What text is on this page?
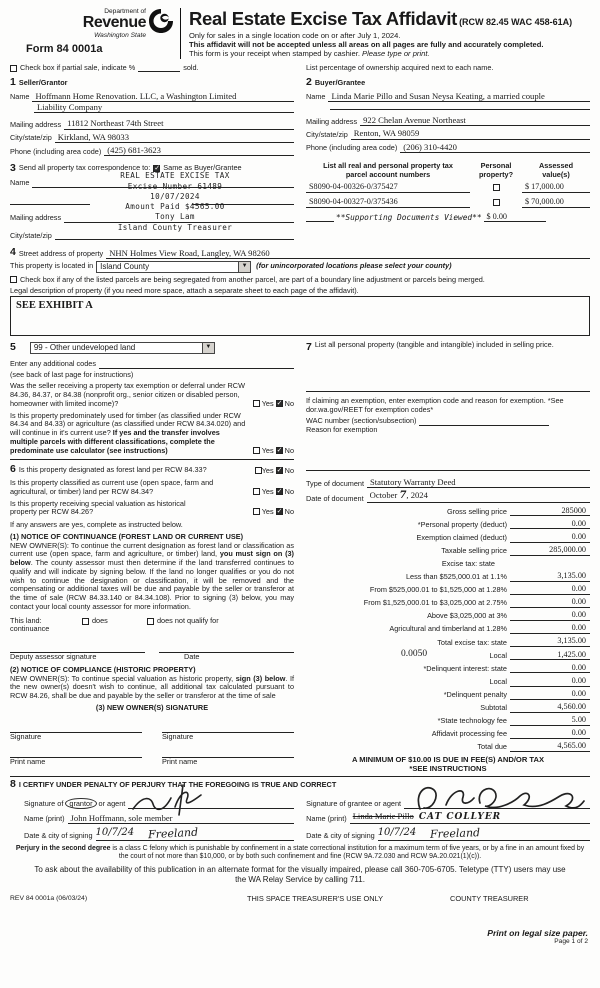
Department of
Revenue
Washington State
Form 84 0001a
Real Estate Excise Tax Affidavit (RCW 82.45 WAC 458-61A)
Only for sales in a single location code on or after July 1, 2024.
This affidavit will not be accepted unless all areas on all pages are fully and accurately completed.
This form is your receipt when stamped by cashier. Please type or print.
Check box if partial sale, indicate %	sold.	List percentage of ownership acquired next to each name.
1 Seller/Grantor
Name Hoffmann Home Renovation. LLC, a Washington Limited
Liability Company
Mailing address 11812 Northeast 74th Street
City/state/zip Kirkland, WA 98033
Phone (including area code) (425) 681-3623
2 Buyer/Grantee
Name Linda Marie Pillo and Susan Neysa Keating, a married couple
Mailing address 922 Chelan Avenue Northeast
City/state/zip Renton, WA 98059
Phone (including area code) (206) 310-4420
3 Send all property tax correspondence to: ✓ Same as Buyer/Grantee
Name
Mailing address
City/state/zip
REAL ESTATE EXCISE TAX
Excise Number 61489
10/07/2024
Amount Paid $4565.00
Tony Lam
Island County Treasurer
List all real and personal property tax
parcel account numbers
Personal
property?
Assessed
value(s)
S8090-04-00326-0/375427	$ 17,000.00
S8090-04-00327-0/375436	$ 70,000.00
**Supporting Documents Viewed** $ 0.00
4 Street address of property NHN Holmes View Road, Langley, WA 98260
This property is located in Island County	▼	(for unincorporated locations please select your county)
Check box if any of the listed parcels are being segregated from another parcel, are part of a boundary line adjustment or parcels being merged.
Legal description of property (if you need more space, attach a separate sheet to each page of the affidavit).
SEE EXHIBIT A
5	99 - Other undeveloped land	▼
Enter any additional codes
(see back of last page for instructions)
Was the seller receiving a property tax exemption or deferral under RCW 84.36, 84.37, or 84.38 (nonprofit org., senior citizen or disabled person, homeowner with limited income)?	Yes ✓ No
Is this property predominately used for timber (as classified under RCW 84.34 and 84.33) or agriculture (as classified under RCW 84.34.020) and will continue in it's current use? If yes and the transfer involves multiple parcels with different classifications, complete the predominate use calculator (see instructions)	Yes ✓ No
6 Is this property designated as forest land per RCW 84.33?	Yes ✓ No
Is this property classified as current use (open space, farm and agricultural, or timber) land per RCW 84.34?	Yes ✓ No
Is this property receiving special valuation as historical
property per RCW 84.26?	Yes ✓ No
If any answers are yes, complete as instructed below.
(1) NOTICE OF CONTINUANCE (FOREST LAND OR CURRENT USE)
NEW OWNER(S): To continue the current designation as forest land or classification as current use (open space, farm and agriculture, or timber) land, you must sign on (3) below. The county assessor must then determine if the land transferred continues to qualify and will indicate by signing below. If the land no longer qualifies or you do not wish to continue the designation or classification, it will be removed and the compensating or additional taxes will be due and payable by the seller or transferor at the time of sale (RCW 84.33.140 or 84.34.108). Prior to signing (3) below, you may contact your local county assessor for more information.
This land:	does	does not qualify for
continuance
Deputy assessor signature	Date
(2) NOTICE OF COMPLIANCE (HISTORIC PROPERTY)
NEW OWNER(S): To continue special valuation as historic property, sign (3) below. If the new owner(s) doesn't wish to continue, all additional tax calculated pursuant to RCW 84.26, shall be due and payable by the seller or transferor at the time of sale
(3) NEW OWNER(S) SIGNATURE
Signature	Signature
Print name	Print name
7 List all personal property (tangible and intangible) included in selling price.
If claiming an exemption, enter exemption code and reason for exemption. *See dor.wa.gov/REET for exemption codes*
WAC number (section/subsection)
Reason for exemption
Type of document Statutory Warranty Deed
Date of document October 7, 2024
Gross selling price	285000
*Personal property (deduct)	0.00
Exemption claimed (deduct)	0.00
Taxable selling price	285,000.00
Excise tax: state
Less than $525,000.01 at 1.1%	3,135.00
From $525,000.01 to $1,525,000 at 1.28%	0.00
From $1,525,000.01 to $3,025,000 at 2.75%	0.00
Above $3,025,000 at 3%	0.00
Agricultural and timberland at 1.28%	0.00
Total excise tax: state	3,135.00
0.0050	Local	1,425.00
*Delinquent interest: state	0.00
Local	0.00
*Delinquent penalty	0.00
Subtotal	4,560.00
*State technology fee	5.00
Affidavit processing fee	0.00
Total due	4,565.00
A MINIMUM OF $10.00 IS DUE IN FEE(S) AND/OR TAX
*SEE INSTRUCTIONS
8 I CERTIFY UNDER PENALTY OF PERJURY THAT THE FOREGOING IS TRUE AND CORRECT
Signature of grantor or agent
Name (print) John Hoffmann, sole member
Date & city of signing 10/7/24 Freeland
Signature of grantee or agent
Name (print) Linda Marie Pillo CAT COLLYER
Date & city of signing 10/7/24 Freeland
Perjury in the second degree is a class C felony which is punishable by confinement in a state correctional institution for a maximum term of five years, or by a fine in an amount fixed by the court of not more than $10,000, or by both such confinement and fine (RCW 9A.72.030 and RCW 9A.20.021(1)(c)).
To ask about the availability of this publication in an alternate format for the visually impaired, please call 360-705-6705. Teletype (TTY) users may use the WA Relay Service by calling 711.
REV 84 0001a (06/03/24)	THIS SPACE TREASURER'S USE ONLY	COUNTY TREASURER
Print on legal size paper.
Page 1 of 2
